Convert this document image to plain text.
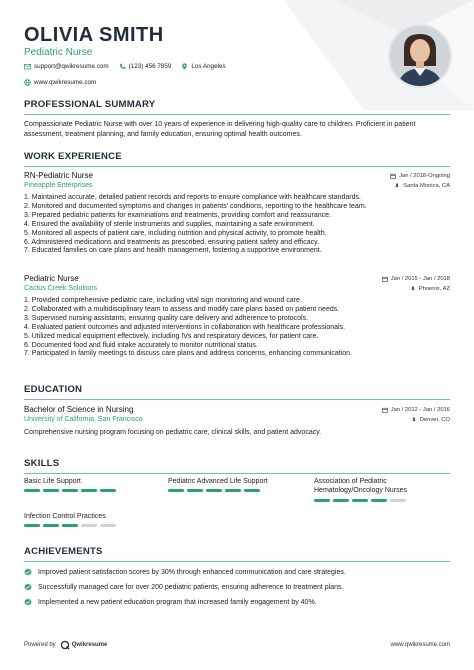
OLIVIA SMITH
Pediatric Nurse
support@qwikresume.com	(123) 456 7859	Los Angeles
www.qwikresume.com
PROFESSIONAL SUMMARY
Compassionate Pediatric Nurse with over 10 years of experience in delivering high-quality care to children. Proficient in patient assessment, treatment planning, and family education, ensuring optimal health outcomes.
WORK EXPERIENCE
RN-Pediatric Nurse	Jan / 2018-Ongoing
Pineapple Enterprises	Santa Monica, CA
1. Maintained accurate, detailed patient records and reports to ensure compliance with healthcare standards.
2. Monitored and documented symptoms and changes in patients' conditions, reporting to the healthcare team.
3. Prepared pediatric patients for examinations and treatments, providing comfort and reassurance.
4. Ensured the availability of sterile instruments and supplies, maintaining a safe environment.
5. Monitored all aspects of patient care, including nutrition and physical activity, to promote health.
6. Administered medications and treatments as prescribed, ensuring patient safety and efficacy.
7. Educated families on care plans and health management, fostering a supportive environment.
Pediatric Nurse	Jan / 2015 - Jan / 2018
Cactus Creek Solutions	Phoenix, AZ
1. Provided comprehensive pediatric care, including vital sign monitoring and wound care.
2. Collaborated with a multidisciplinary team to assess and modify care plans based on patient needs.
3. Supervised nursing assistants, ensuring quality care delivery and adherence to protocols.
4. Evaluated patient outcomes and adjusted interventions in collaboration with healthcare professionals.
5. Utilized medical equipment effectively, including IVs and respiratory devices, for patient care.
6. Documented food and fluid intake accurately to monitor nutritional status.
7. Participated in family meetings to discuss care plans and address concerns, enhancing communication.
EDUCATION
Bachelor of Science in Nursing	Jan / 2012 - Jan / 2016
University of California, San Francisco	Denver, CO
Comprehensive nursing program focusing on pediatric care, clinical skills, and patient advocacy.
SKILLS
Basic Life Support	Pediatric Advanced Life Support	Association of Pediatric Hematology/Oncology Nurses
Infection Control Practices
ACHIEVEMENTS
Improved patient satisfaction scores by 30% through enhanced communication and care strategies.
Successfully managed care for over 200 pediatric patients, ensuring adherence to treatment plans.
Implemented a new patient education program that increased family engagement by 40%.
Powered by	Qwikresume	www.qwikresume.com
